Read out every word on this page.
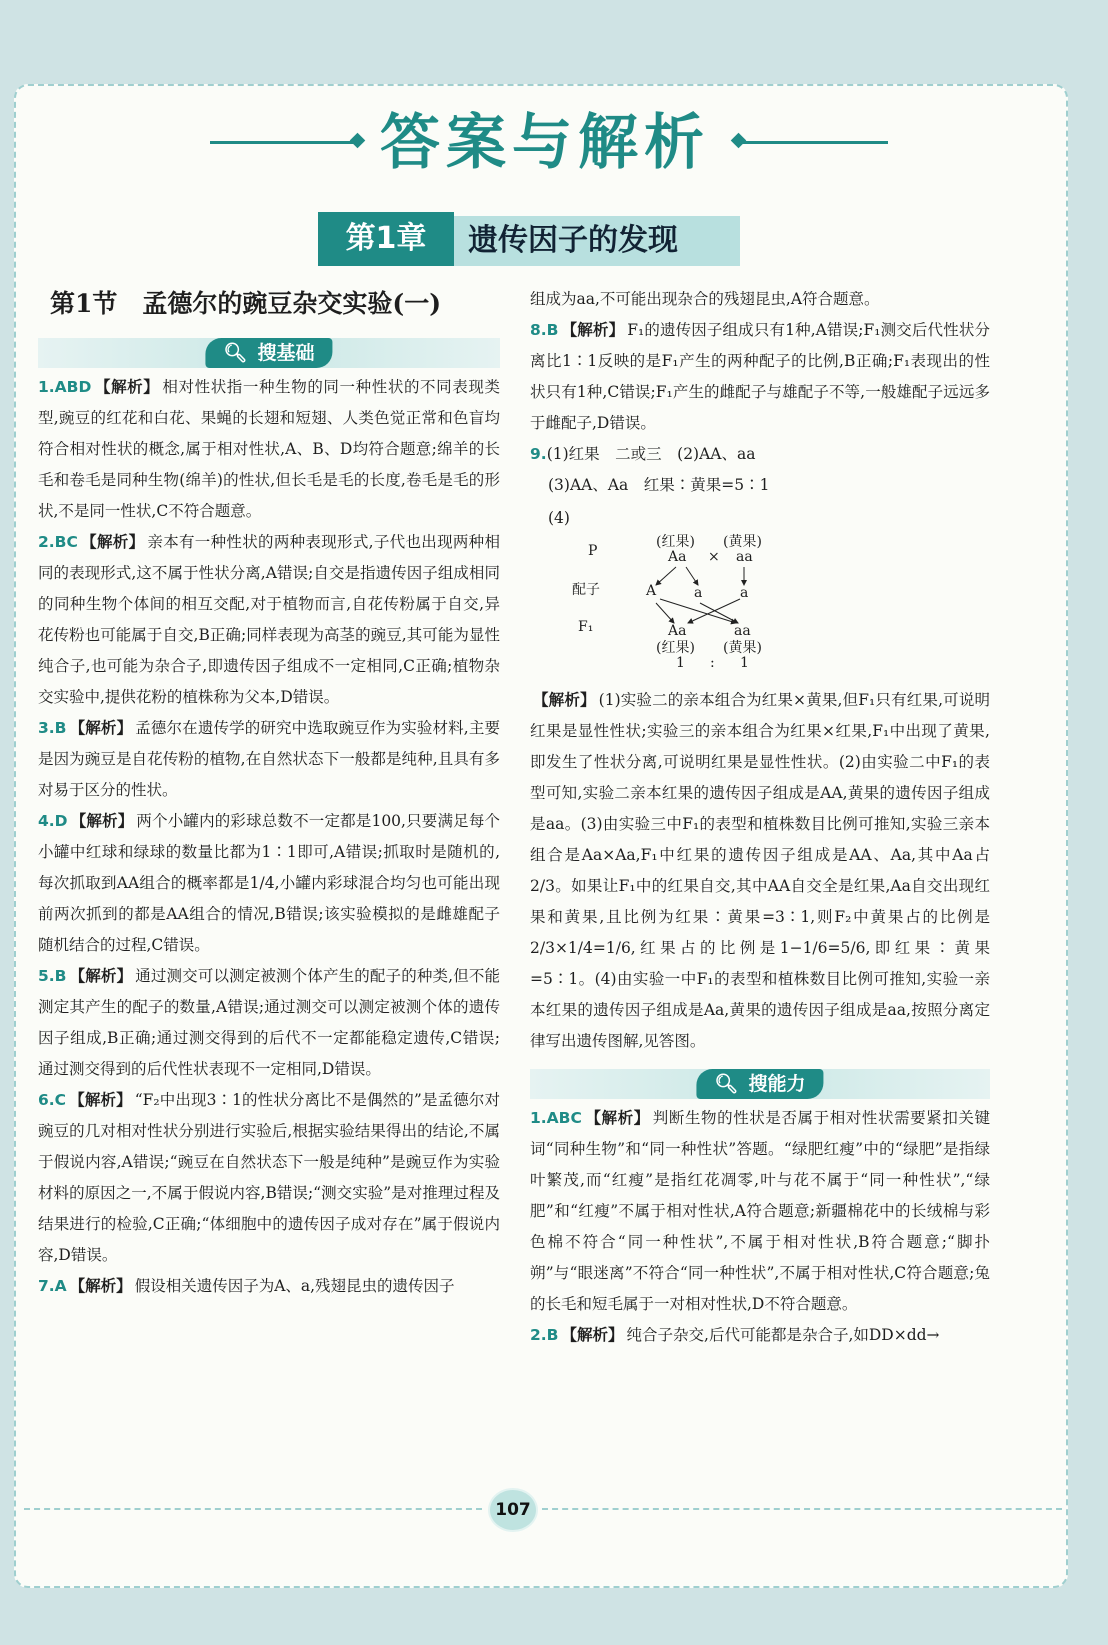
答案与解析
第1章	遗传因子的发现
第1节　孟德尔的豌豆杂交实验(一)
🔍︎ 搜基础

1.ABD 【解析】 相对性状指一种生物的同一种性状的不同表现类型,豌豆的红花和白花、果蝇的长翅和短翅、人类色觉正常和色盲均符合相对性状的概念,属于相对性状,A、B、D均符合题意;绵羊的长毛和卷毛是同种生物(绵羊)的性状,但长毛是毛的长度,卷毛是毛的形状,不是同一性状,C不符合题意。

2.BC 【解析】 亲本有一种性状的两种表现形式,子代也出现两种相同的表现形式,这不属于性状分离,A错误;自交是指遗传因子组成相同的同种生物个体间的相互交配,对于植物而言,自花传粉属于自交,异花传粉也可能属于自交,B正确;同样表现为高茎的豌豆,其可能为显性纯合子,也可能为杂合子,即遗传因子组成不一定相同,C正确;植物杂交实验中,提供花粉的植株称为父本,D错误。

3.B 【解析】 孟德尔在遗传学的研究中选取豌豆作为实验材料,主要是因为豌豆是自花传粉的植物,在自然状态下一般都是纯种,且具有多对易于区分的性状。

4.D 【解析】 两个小罐内的彩球总数不一定都是100,只要满足每个小罐中红球和绿球的数量比都为1∶1即可,A错误;抓取时是随机的,每次抓取到AA组合的概率都是1/4,小罐内彩球混合均匀也可能出现前两次抓到的都是AA组合的情况,B错误;该实验模拟的是雌雄配子随机结合的过程,C错误。

5.B 【解析】 通过测交可以测定被测个体产生的配子的种类,但不能测定其产生的配子的数量,A错误;通过测交可以测定被测个体的遗传因子组成,B正确;通过测交得到的后代不一定都能稳定遗传,C错误;通过测交得到的后代性状表现不一定相同,D错误。

6.C 【解析】 “F₂中出现3∶1的性状分离比不是偶然的”是孟德尔对豌豆的几对相对性状分别进行实验后,根据实验结果得出的结论,不属于假说内容,A错误;“豌豆在自然状态下一般是纯种”是豌豆作为实验材料的原因之一,不属于假说内容,B错误;“测交实验”是对推理过程及结果进行的检验,C正确;“体细胞中的遗传因子成对存在”属于假说内容,D错误。

7.A 【解析】 假设相关遗传因子为A、a,残翅昆虫的遗传因子

组成为aa,不可能出现杂合的残翅昆虫,A符合题意。

8.B 【解析】 F₁的遗传因子组成只有1种,A错误;F₁测交后代性状分离比1∶1反映的是F₁产生的两种配子的比例,B正确;F₁表现出的性状只有1种,C错误;F₁产生的雌配子与雄配子不等,一般雄配子远远多于雌配子,D错误。

9.(1)红果　二或三　(2)AA、aa

(3)AA、Aa　红果∶黄果=5∶1

(4)

(红果) (黄果)
P	Aa × aa
配子	A	a	a
F₁	Aa	aa
(红果) (黄果)
1 : 1

【解析】 (1)实验二的亲本组合为红果×黄果,但F₁只有红果,可说明红果是显性性状;实验三的亲本组合为红果×红果,F₁中出现了黄果,即发生了性状分离,可说明红果是显性性状。(2)由实验二中F₁的表型可知,实验二亲本红果的遗传因子组成是AA,黄果的遗传因子组成是aa。(3)由实验三中F₁的表型和植株数目比例可推知,实验三亲本组合是Aa×Aa,F₁中红果的遗传因子组成是AA、Aa,其中Aa占2/3。如果让F₁中的红果自交,其中AA自交全是红果,Aa自交出现红果和黄果,且比例为红果∶黄果=3∶1,则F₂中黄果占的比例是2/3×1/4=1/6,红果占的比例是1−1/6=5/6,即红果∶黄果=5∶1。(4)由实验一中F₁的表型和植株数目比例可推知,实验一亲本红果的遗传因子组成是Aa,黄果的遗传因子组成是aa,按照分离定律写出遗传图解,见答图。

🔍︎ 搜能力

1.ABC 【解析】 判断生物的性状是否属于相对性状需要紧扣关键词“同种生物”和“同一种性状”答题。“绿肥红瘦”中的“绿肥”是指绿叶繁茂,而“红瘦”是指红花凋零,叶与花不属于“同一种性状”,“绿肥”和“红瘦”不属于相对性状,A符合题意;新疆棉花中的长绒棉与彩色棉不符合“同一种性状”,不属于相对性状,B符合题意;“脚扑朔”与“眼迷离”不符合“同一种性状”,不属于相对性状,C符合题意;兔的长毛和短毛属于一对相对性状,D不符合题意。

2.B 【解析】 纯合子杂交,后代可能都是杂合子,如DD×dd→

107
